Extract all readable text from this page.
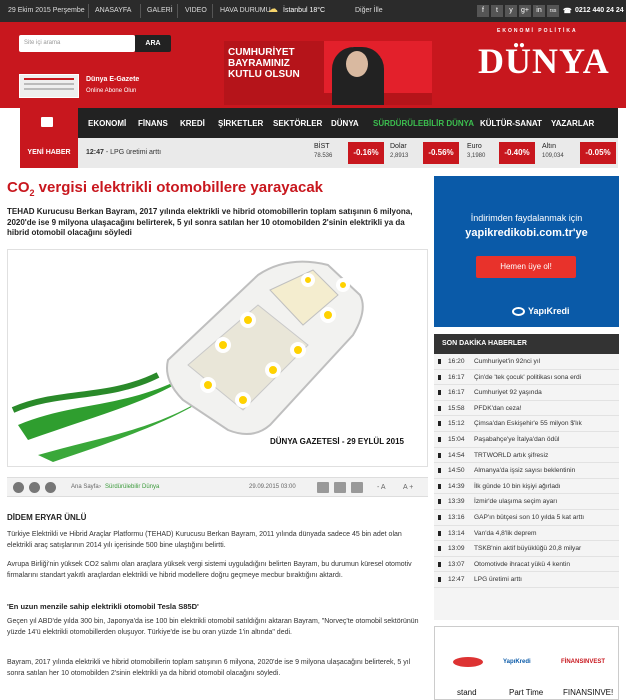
29 Ekim 2015 Perşembe ANASAYFA GALERİ VIDEO HAVA DURUMU
☁ İstanbul 18°C	Diğer İlle	f	t	y	g+	in	rss ☎ 0212 440 24 24
Site içi arama	ARA
Dünya E-Gazete
Online Abone Olun
CUMHURİYET BAYRAMINIZ KUTLU OLSUN
EKONOMİ POLİTİKA
DÜNYA
EKONOMİ FİNANS KREDİ ŞİRKETLER SEKTÖRLER DÜNYA SÜRDÜRÜLEBİLİR DÜNYA KÜLTÜR-SANAT YAZARLAR
YENİ HABER	12:47 - LPG üretimi arttı
BİST
78.536	-0.16%
Dolar
2,8913	-0.56%
Euro
3,1980	-0.40%
Altın
109,034	-0.05%
$CO_2$ vergisi elektrikli otomobillere yarayacak
TEHAD Kurucusu Berkan Bayram, 2017 yılında elektrikli ve hibrid otomobillerin toplam satışının 6 milyona, 2020'de ise 9 milyona ulaşacağını belirterek, 5 yıl sonra satılan her 10 otomobilden 2'sinin elektrikli ya da hibrid otomobil olacağını söyledi
DÜNYA GAZETESİ - 29 EYLÜL 2015
Ana Sayfa › Sürdürülebilir Dünya	29.09.2015 03:00	- A A +
DİDEM ERYAR ÜNLÜ
Türkiye Elektrikli ve Hibrid Araçlar Platformu (TEHAD) Kurucusu Berkan Bayram, 2011 yılında dünyada sadece 45 bin adet olan elektrikli araç satışlarının 2014 yılı içerisinde 500 bine ulaştığını belirtti.
Avrupa Birliği'nin yüksek CO2 salımı olan araçlara yüksek vergi sistemi uyguladığını belirten Bayram, bu durumun küresel otomotiv firmalarını standart yakıtlı araçlardan elektrikli ve hibrid modellere doğru geçmeye mecbur bıraktığını aktardı.
'En uzun menzile sahip elektrikli otomobil Tesla S85D'
Geçen yıl ABD'de yılda 300 bin, Japonya'da ise 100 bin elektrikli otomobil satıldığını aktaran Bayram, "Norveç'te otomobil sektörünün yüzde 14'ü elektrikli otomobillerden oluşuyor. Türkiye'de ise bu oran yüzde 1'in altında" dedi.
Bayram, 2017 yılında elektrikli ve hibrid otomobillerin toplam satışının 6 milyona, 2020'de ise 9 milyona ulaşacağını belirterek, 5 yıl sonra satılan her 10 otomobilden 2'sinin elektrikli ya da hibrid otomobil olacağını söyledi.
İndirimden faydalanmak için
yapikredikobi.com.tr'ye
Hemen üye ol!
YapıKredi
SON DAKİKA HABERLER
16:20 Cumhuriyet'in 92nci yıl
16:17 Çin'de 'tek çocuk' politikası sona erdi
16:17 Cumhuriyet 92 yaşında
15:58 PFDK'dan ceza!
15:12 Çimsa'dan Eskişehir'e 55 milyon $'lık
15:04 Paşabahçe'ye İtalya'dan ödül
14:54 TRTWORLD artık şifresiz
14:50 Almanya'da işsiz sayısı beklentinin
14:39 İlk günde 10 bin kişiyi ağırladı
13:39 İzmir'de ulaşıma seçim ayarı
13:16 GAP'ın bütçesi son 10 yılda 5 kat arttı
13:14 Van'da 4,8'lik deprem
13:09 TSKB'nin aktif büyüklüğü 20,8 milyar
13:07 Otomotivde ihracat yükü 4 kentin
12:47 LPG üretimi arttı
YapıKredi	FİNANSINVEST
stand	Part Time FINANSINVE!
